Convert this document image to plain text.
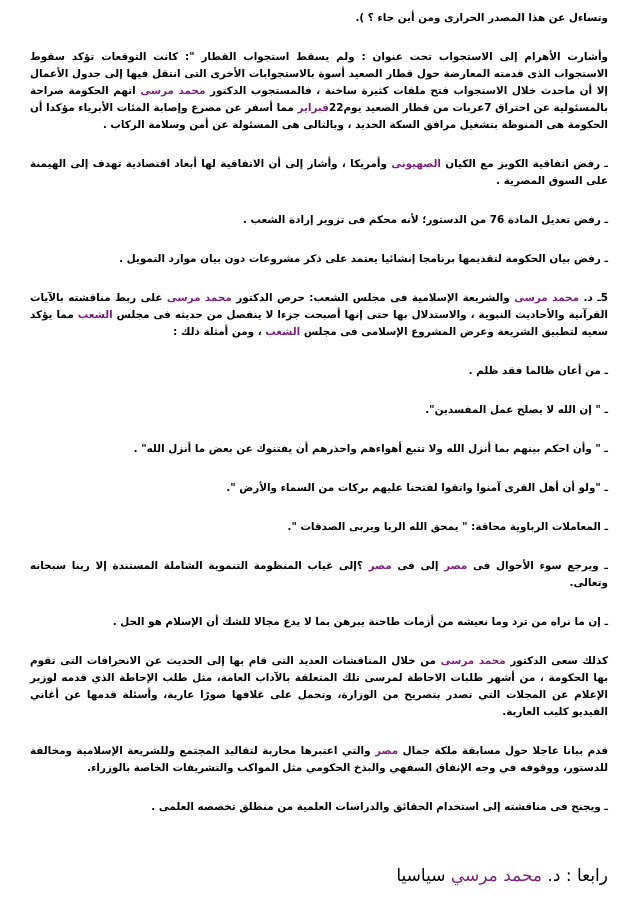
وتساءل عن هذا المصدر الحرارى ومن أين جاء ؟ ).

وأشارت الأهرام إلى الاستجواب تحت عنوان : ولم يسقط استجواب القطار ": كانت التوقعات تؤكد سقوط الاستجواب الذى قدمته المعارضة حول قطار الصعيد أسوة بالاستجوابات الأخرى التى انتقل فيها إلى جدول الأعمال إلا أن ماحدث خلال الاستجواب فتح ملفات كثيرة ساخنة ، فالمستجوب الدكتور محمد مرسى اتهم الحكومة صراحة بالمسئولية عن احتراق 7عربات من قطار الصعيد يوم22فبراير مما أسفر عن مصرع وإصابة المئات الأبرياء مؤكدا أن الحكومة هى المنوطة بتشغيل مرافق السكة الحديد ، وبالتالى هى المسئولة عن أمن وسلامة الركاب .

ـ رفض اتفاقية الكويز مع الكيان الصهيونى وأمريكا ، وأشار إلى أن الاتفاقية لها أبعاد اقتصادية تهدف إلى الهيمنة على السوق المصرية .

ـ رفض تعديل المادة 76 من الدستور؛ لأنه محكم فى تزوير إرادة الشعب .

ـ رفض بيان الحكومة لتقديمها برنامجا إنشائيا يعتمد على ذكر مشروعات دون بيان موارد التمويل .

5ـ د. محمد مرسى والشريعة الإسلامية فى مجلس الشعب: حرص الدكتور محمد مرسى على ربط مناقشته بالآيات القرآنية والأحاديث النبوية ، والاستدلال بها حتى إنها أصبحت جزءا لا ينفصل من حديثه فى مجلس الشعب مما يؤكد سعيه لتطبيق الشريعة وعرض المشروع الإسلامى فى مجلس الشعب ، ومن أمثلة ذلك :

ـ من أعان ظالما فقد ظلم .

ـ " إن الله لا يصلح عمل المفسدين".

ـ " وأن احكم بينهم بما أنزل الله ولا تتبع أهواءهم واحذرهم أن يفتنوك عن بعض ما أنزل الله" .

ـ "ولو أن أهل القرى آمنوا واتقوا لفتحنا عليهم بركات من السماء والأرض ".

ـ المعاملات الرباوية محاقة: " يمحق الله الربا ويربى الصدقات ".

ـ ويرجع سوء الأحوال فى مصر إلى فى مصر ؟إلى غياب المنظومة التنموية الشاملة المستندة إلا ربنا سبحانه وتعالى.

ـ إن ما نراه من ترد وما نعيشه من أزمات طاحنة يبرهن بما لا يدع مجالا للشك أن الإسلام هو الحل .

كذلك سعى الدكتور محمد مرسى من خلال المناقشات العديد التى قام بها إلى الحديث عن الانحرافات التى تقوم بها الحكومة ، من أشهر طلبات الاحاطة لمرسى تلك المتعلقة بالآداب العامة، مثل طلب الإحاطة الذي قدمه لوزير الإعلام عن المجلات التي تصدر بتصريح من الوزارة، وتحمل على غلافها صورًا عارية، وأسئلة قدمها عن أغاني الفيديو كليب العارية.

قدم بيانا عاجلا حول مسابقة ملكة جمال مصر والتي اعتبرها محاربة لتقاليد المجتمع وللشريعة الإسلامية ومخالفة للدستور، ووقوفه في وجه الإنفاق السفهي والبذخ الحكومي مثل المواكب والتشريفات الخاصة بالوزراء.

ـ ويجنح فى مناقشته إلى استخدام الحقائق والدراسات العلمية من منطلق تخصصه العلمى .

رابعا : د. محمد مرسي سياسيا
